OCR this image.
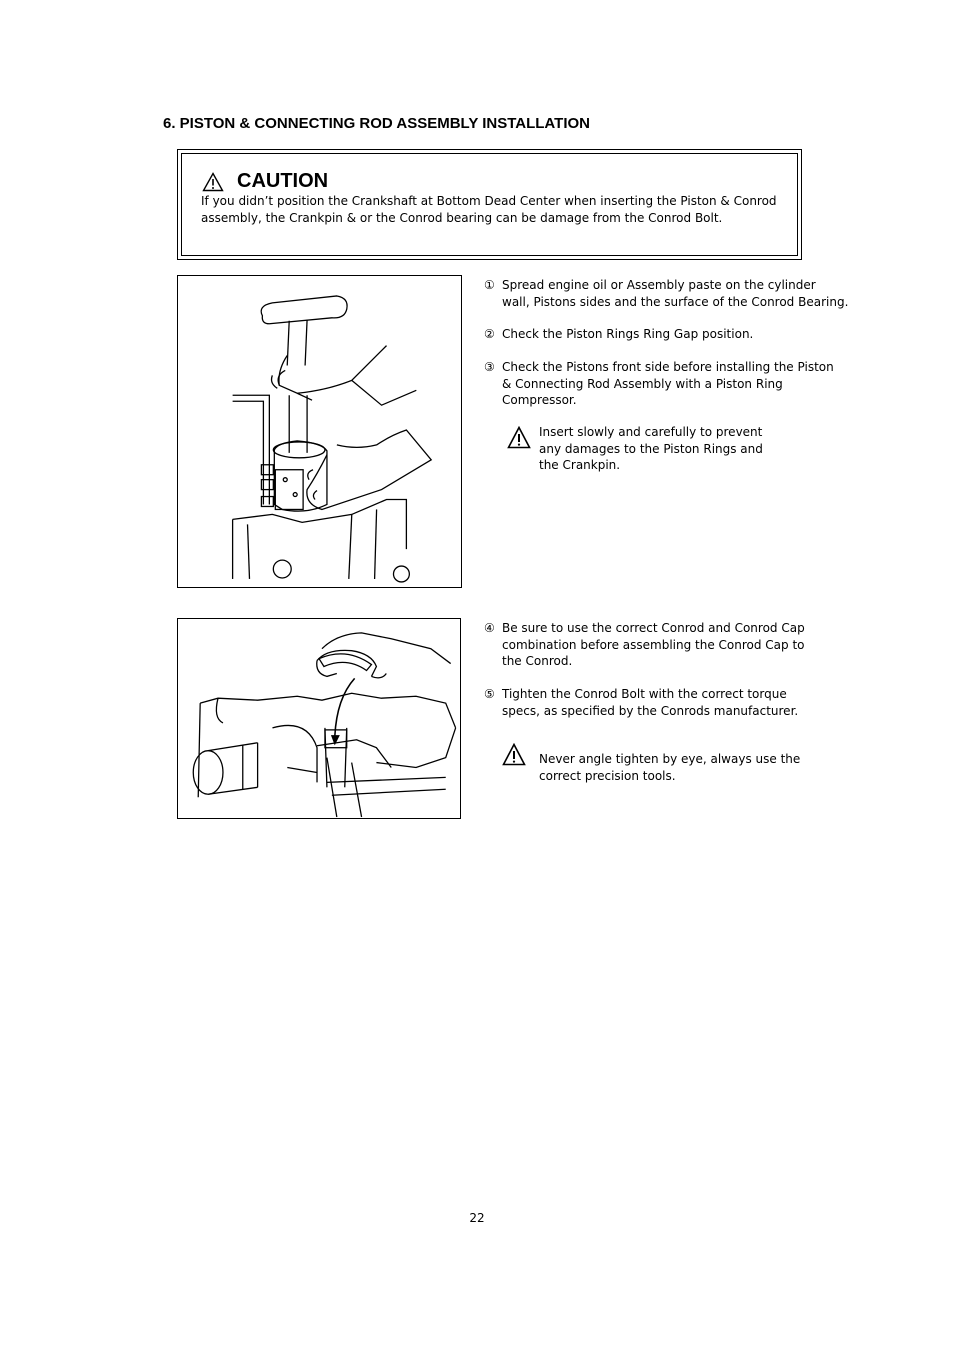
6. PISTON & CONNECTING ROD ASSEMBLY INSTALLATION
CAUTION
If you didn’t position the Crankshaft at Bottom Dead Center when inserting the Piston & Conrod assembly, the Crankpin & or the Conrod bearing can be damage from the Conrod Bolt.
① Spread engine oil or Assembly paste on the cylinder
wall, Pistons sides and the surface of the Conrod Bearing.
② Check the Piston Rings Ring Gap position.
③ Check the Pistons front side before installing the Piston
& Connecting Rod Assembly with a Piston Ring
Compressor.
Insert slowly and carefully to prevent
any damages to the Piston Rings and
the Crankpin.
④ Be sure to use the correct Conrod and Conrod Cap
combination before assembling the Conrod Cap to
the Conrod.
⑤ Tighten the Conrod Bolt with the correct torque
specs, as specified by the Conrods manufacturer.
Never angle tighten by eye, always use the
correct precision tools.
22
